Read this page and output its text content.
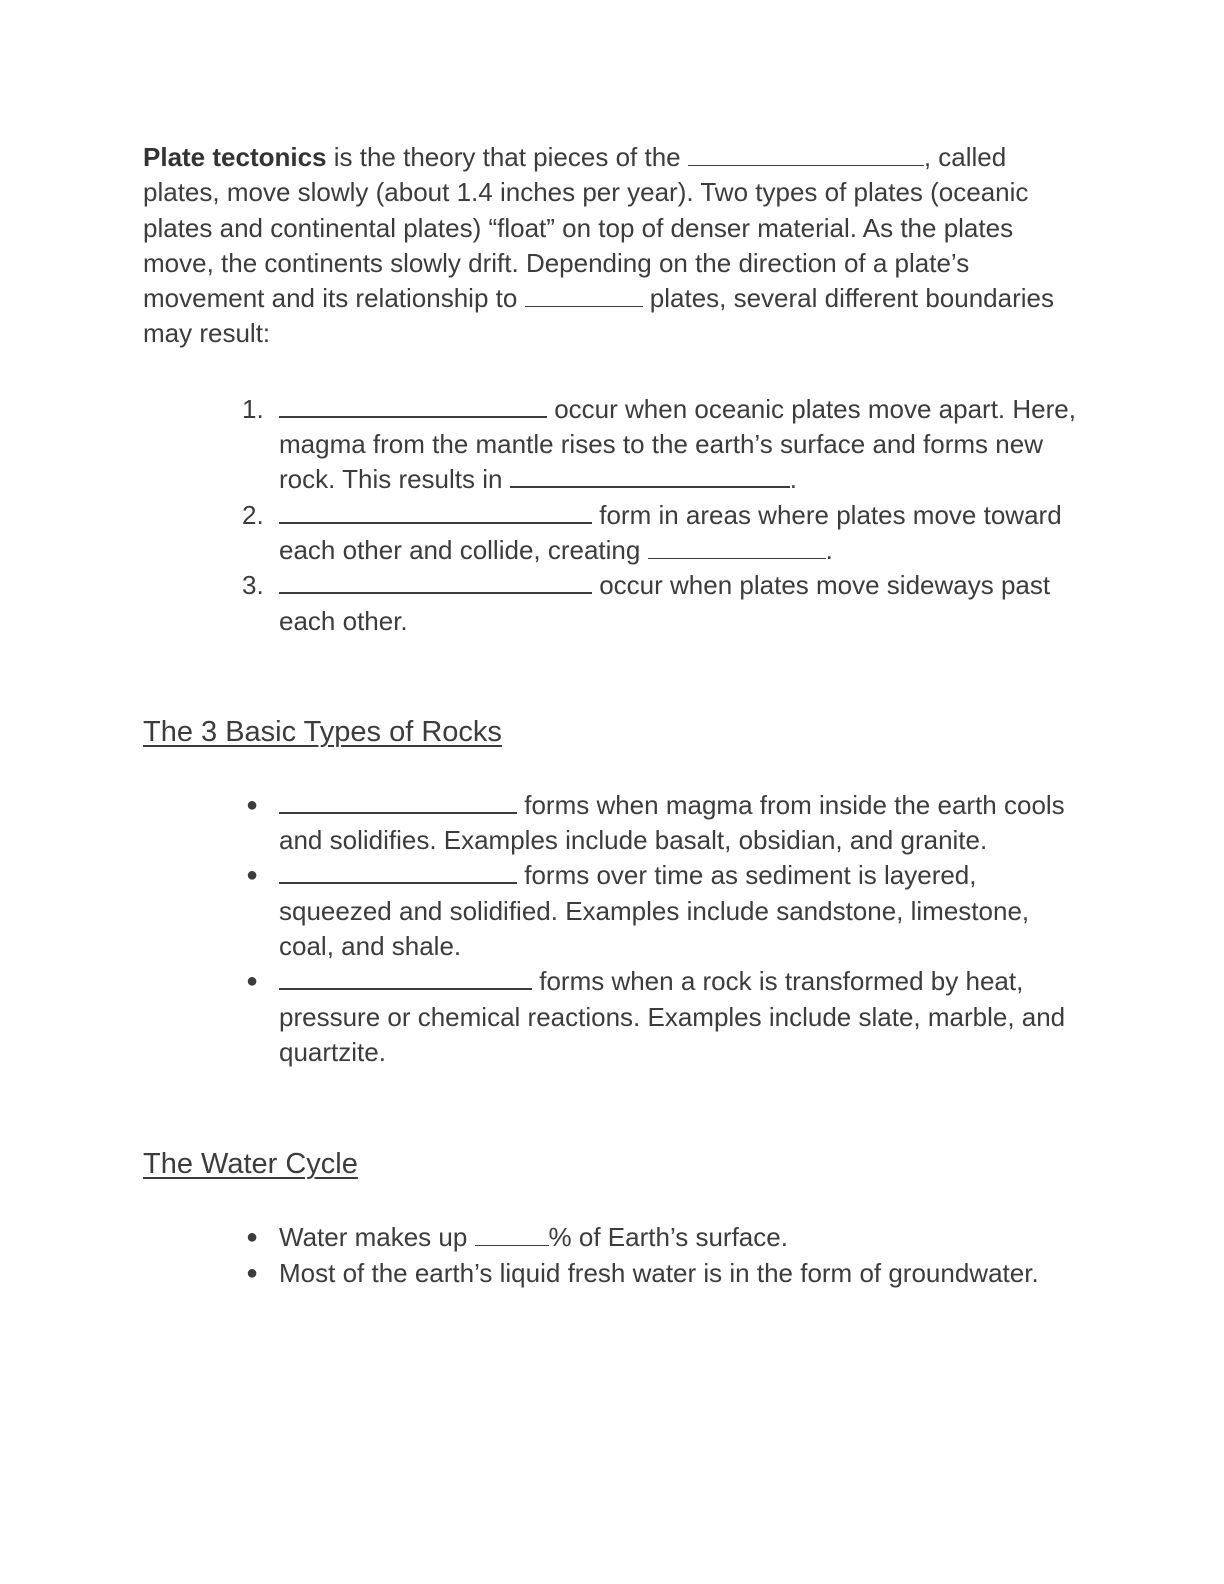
Plate tectonics is the theory that pieces of the	, called plates, move slowly (about 1.4 inches per year). Two types of plates (oceanic plates and continental plates) “float” on top of denser material. As the plates move, the continents slowly drift. Depending on the direction of a plate’s movement and its relationship to	plates, several different boundaries may result:

1.	occur when oceanic plates move apart. Here, magma from the mantle rises to the earth’s surface and forms new rock. This results in	.
2.	form in areas where plates move toward each other and collide, creating	.
3.	occur when plates move sideways past each other.
The 3 Basic Types of Rocks
●	forms when magma from inside the earth cools and solidifies. Examples include basalt, obsidian, and granite.
●	forms over time as sediment is layered, squeezed and solidified. Examples include sandstone, limestone, coal, and shale.
●	forms when a rock is transformed by heat, pressure or chemical reactions. Examples include slate, marble, and quartzite.
The Water Cycle
● Water makes up	% of Earth’s surface.
● Most of the earth’s liquid fresh water is in the form of groundwater.
